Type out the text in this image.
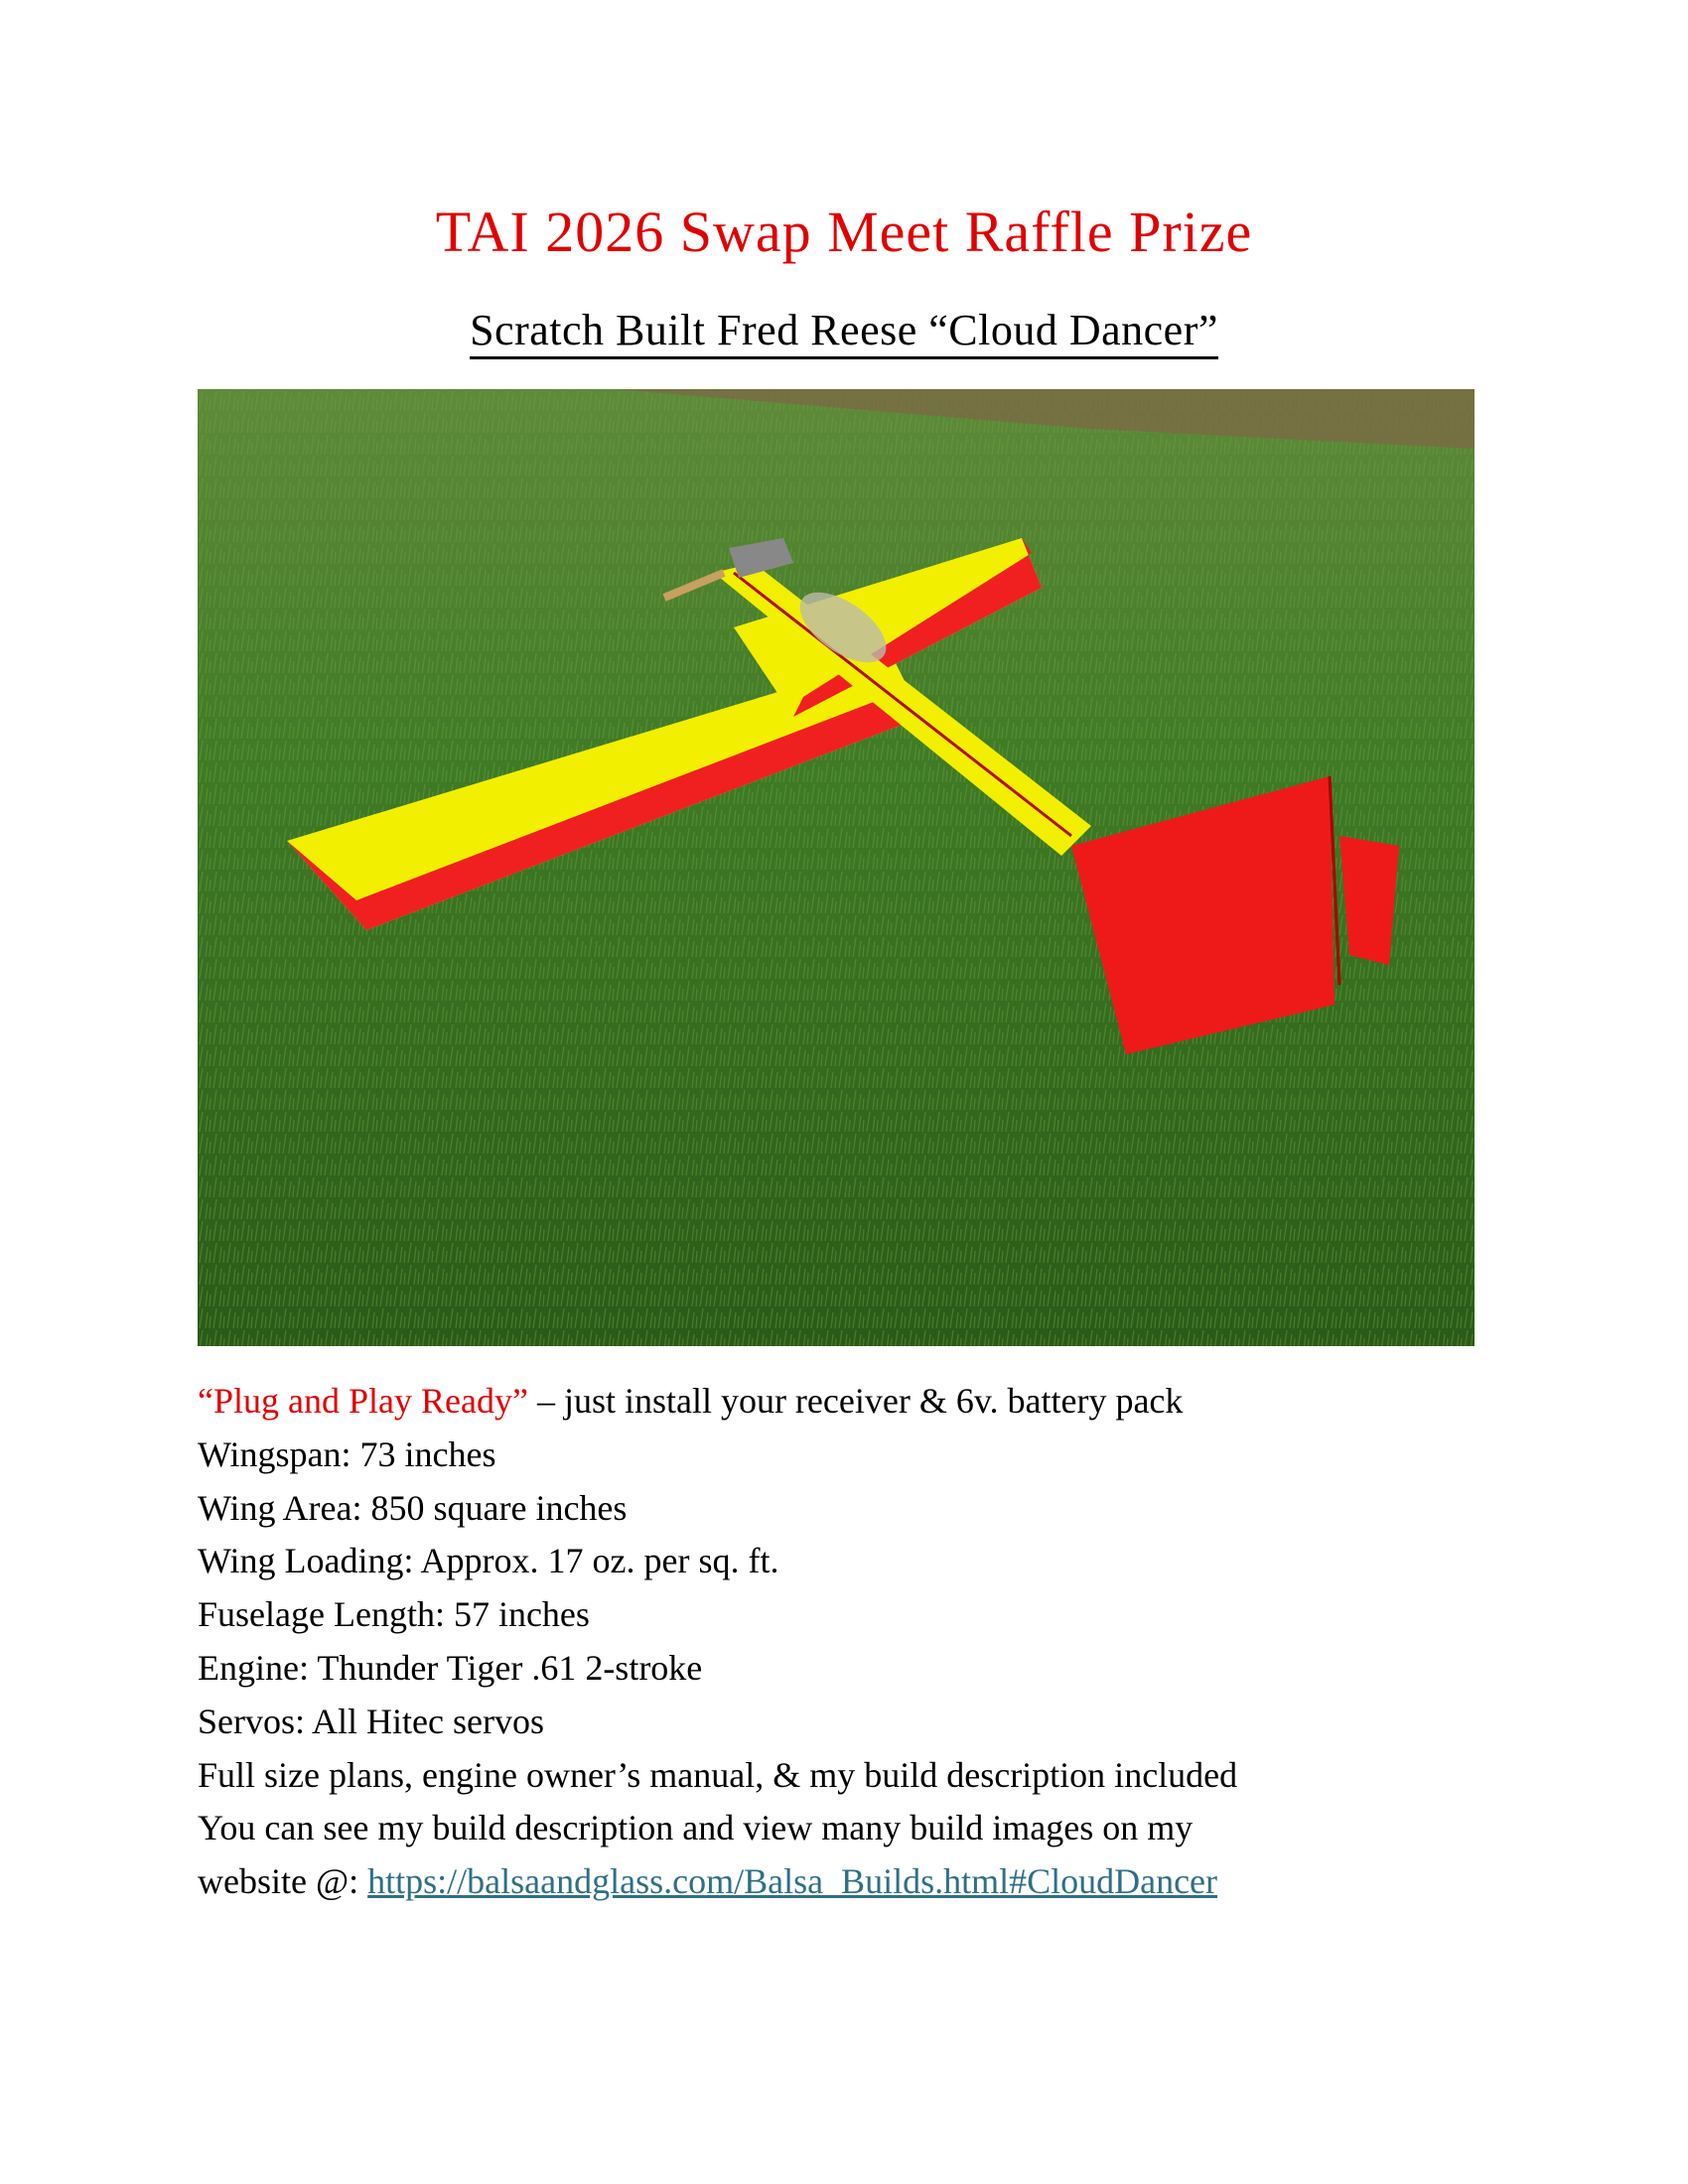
TAI 2026 Swap Meet Raffle Prize
Scratch Built Fred Reese “Cloud Dancer”
“Plug and Play Ready” – just install your receiver & 6v. battery pack
Wingspan: 73 inches
Wing Area: 850 square inches
Wing Loading: Approx. 17 oz. per sq. ft.
Fuselage Length: 57 inches
Engine: Thunder Tiger .61 2-stroke
Servos: All Hitec servos
Full size plans, engine owner’s manual, & my build description included
You can see my build description and view many build images on my
website @: https://balsaandglass.com/Balsa_Builds.html#CloudDancer
